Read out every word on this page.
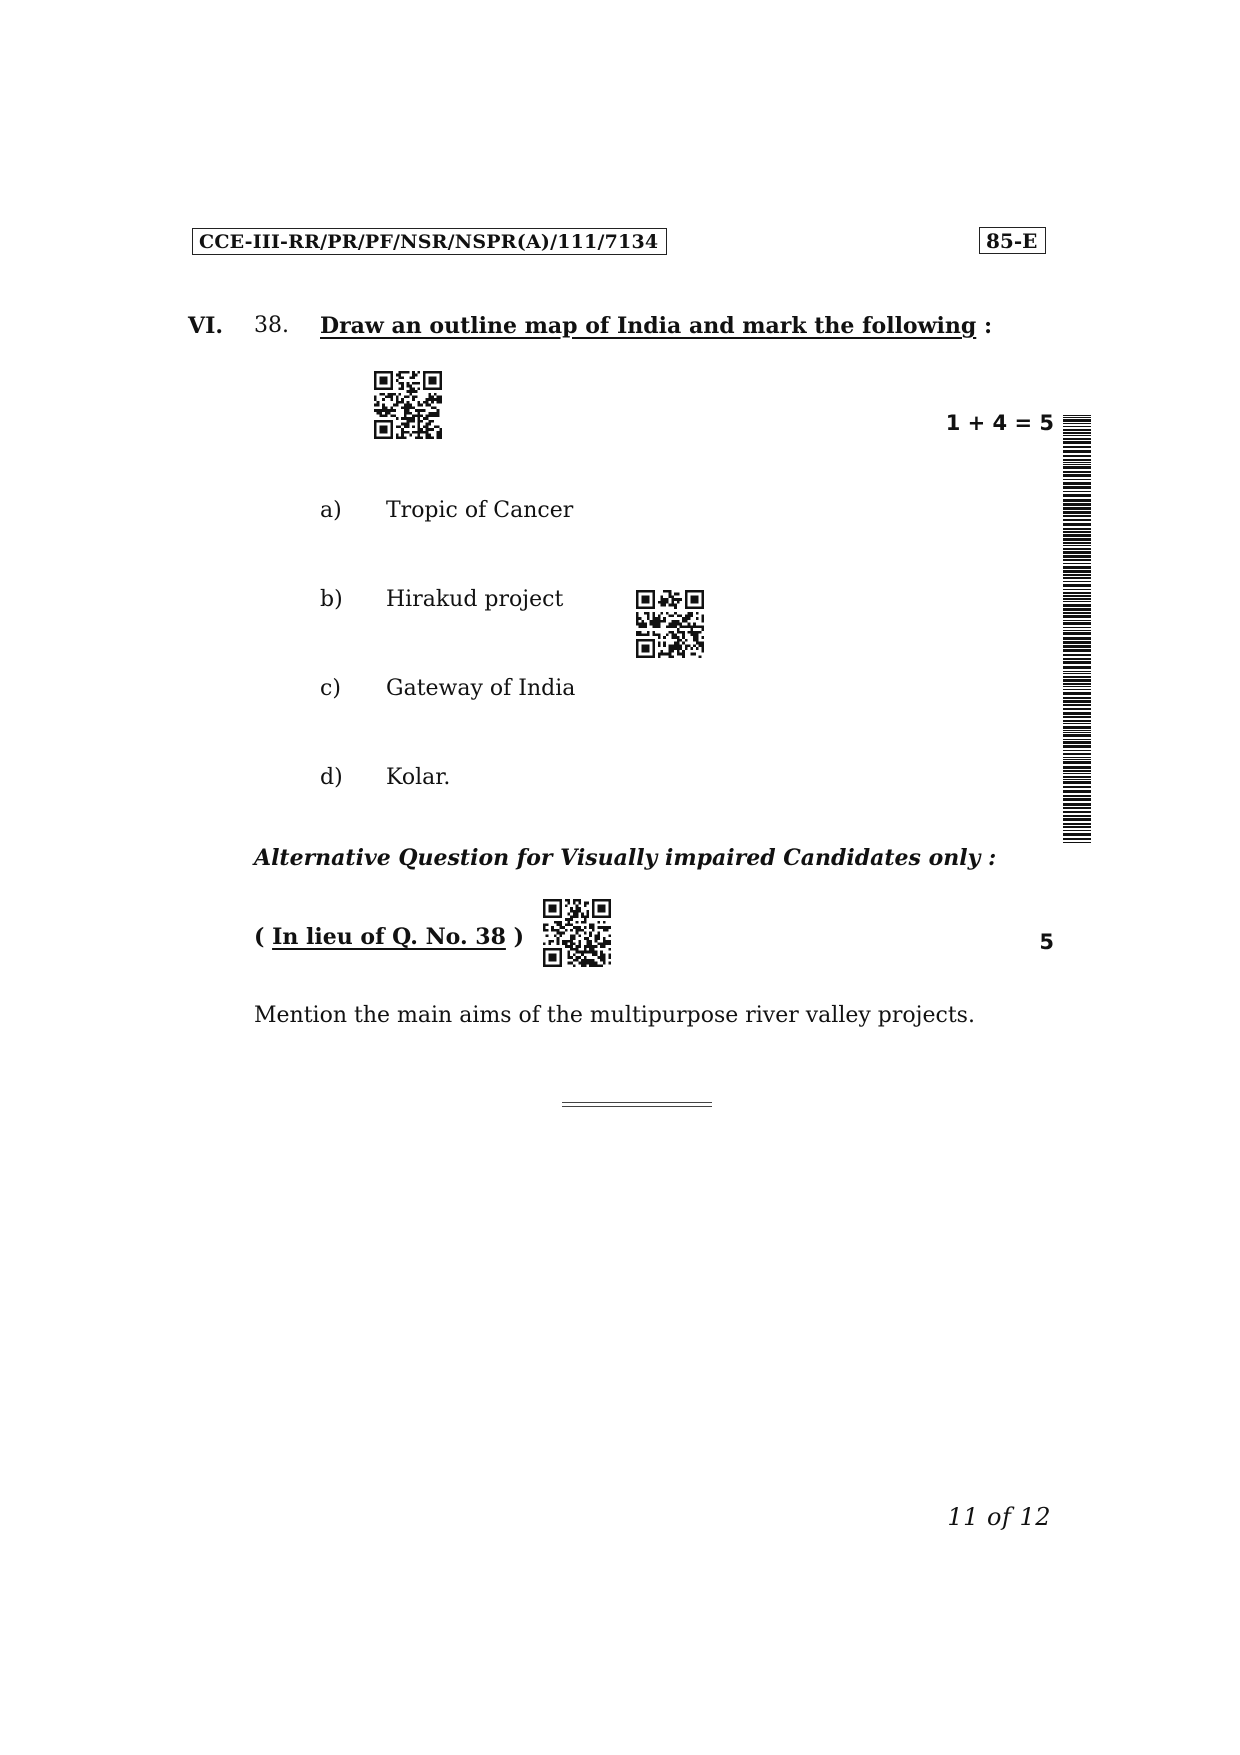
CCE-III-RR/PR/PF/NSR/NSPR(A)/111/7134	85-E
VI. 38. Draw an outline map of India and mark the following :
1 + 4 = 5
a) Tropic of Cancer
b) Hirakud project
c) Gateway of India
d) Kolar.
Alternative Question for Visually impaired Candidates only :
( In lieu of Q. No. 38 )	5
Mention the main aims of the multipurpose river valley projects.
11 of 12
